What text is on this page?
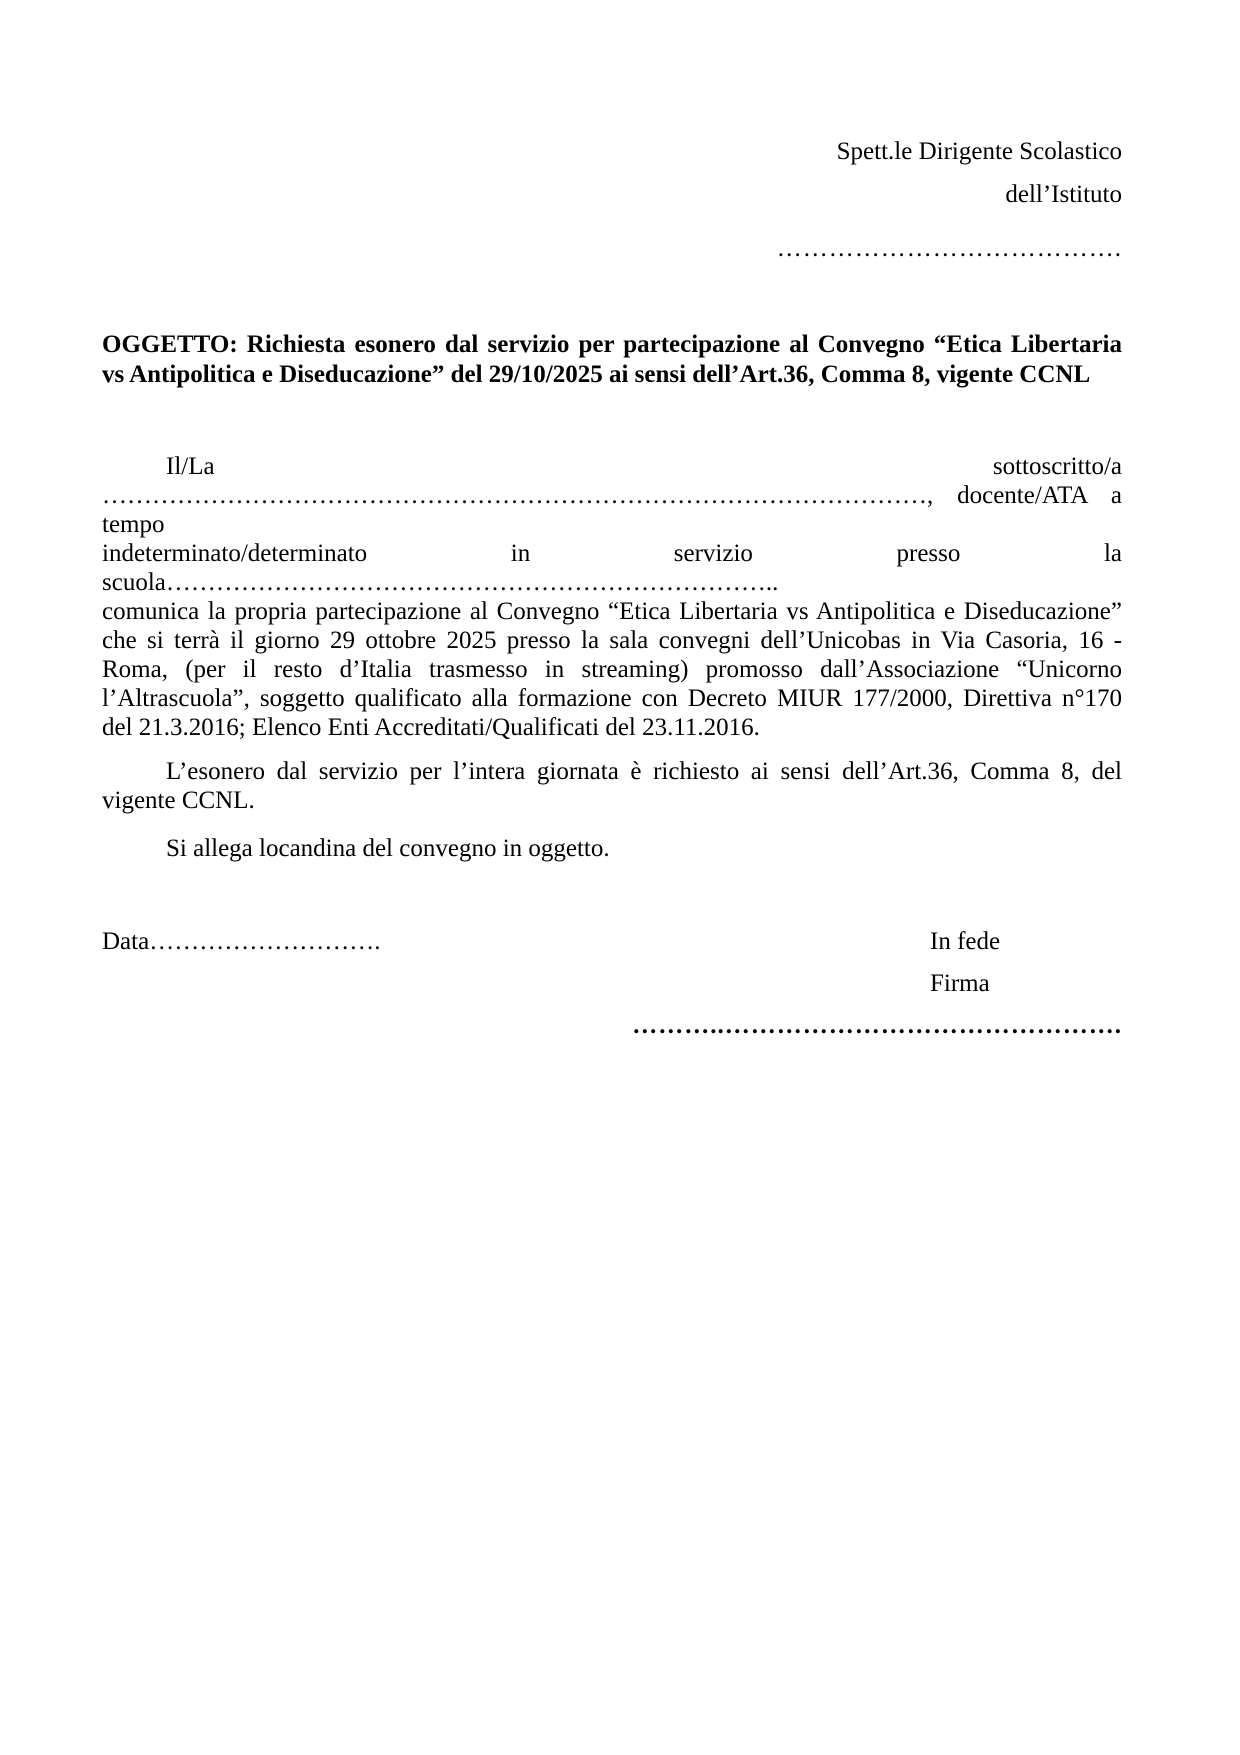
Spett.le Dirigente Scolastico
dell’Istituto
………………………………….
OGGETTO: Richiesta esonero dal servizio per partecipazione al Convegno “Etica Libertaria
vs Antipolitica e Diseducazione” del 29/10/2025 ai sensi dell’Art.36, Comma 8, vigente CCNL
Il/La sottoscritto/a ………………………………………………………………………………………, docente/ATA a tempo
indeterminato/determinato in servizio presso la scuola………………………………………………………………..
comunica la propria partecipazione al Convegno “Etica Libertaria vs Antipolitica e Diseducazione”
che si terrà il giorno 29 ottobre 2025 presso la sala convegni dell’Unicobas in Via Casoria, 16 -
Roma, (per il resto d’Italia trasmesso in streaming) promosso dall’Associazione “Unicorno
l’Altrascuola”, soggetto qualificato alla formazione con Decreto MIUR 177/2000, Direttiva n°170
del 21.3.2016; Elenco Enti Accreditati/Qualificati del 23.11.2016.
L’esonero dal servizio per l’intera giornata è richiesto ai sensi dell’Art.36, Comma 8, del
vigente CCNL.
Si allega locandina del convegno in oggetto.
Data……………………….	In fede
Firma
………..……………………………………….
